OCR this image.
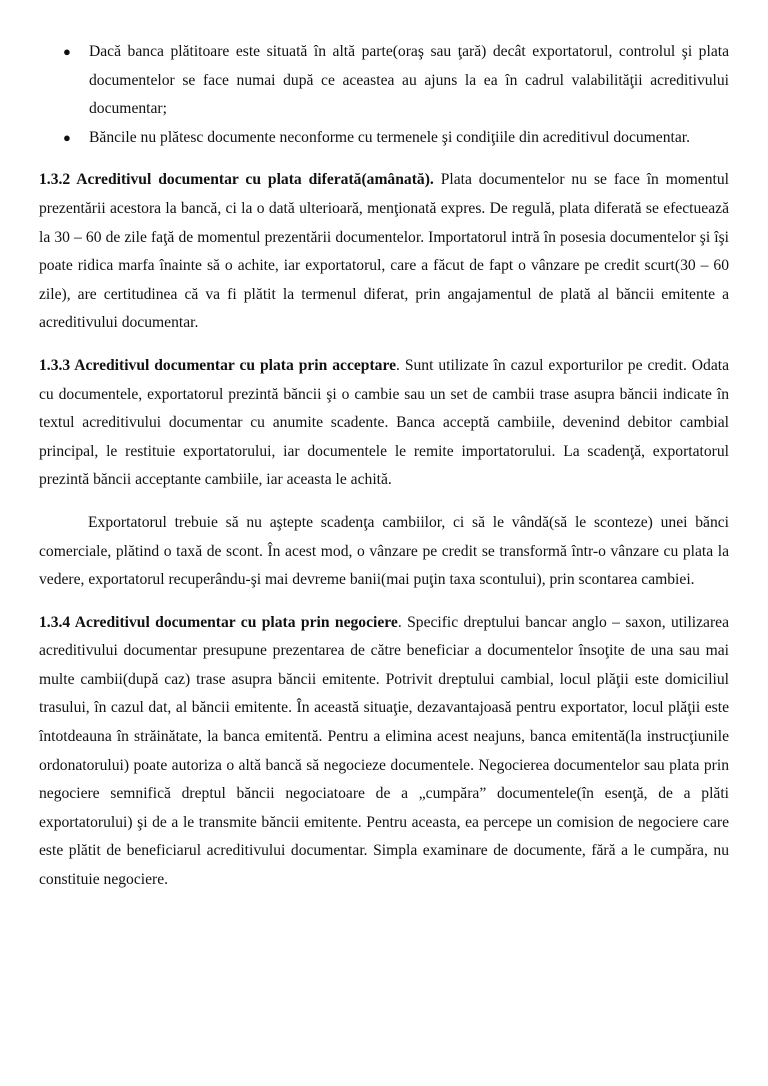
● Dacă banca plătitoare este situată în altă parte(oraş sau ţară) decât exportatorul, controlul şi plata documentelor se face numai după ce aceastea au ajuns la ea în cadrul valabilităţii acreditivului documentar;
● Băncile nu plătesc documente neconforme cu termenele şi condiţiile din acreditivul documentar.

1.3.2 Acreditivul documentar cu plata diferată(amânată). Plata documentelor nu se face în momentul prezentării acestora la bancă, ci la o dată ulterioară, menţionată expres. De regulă, plata diferată se efectuează la 30 – 60 de zile faţă de momentul prezentării documentelor. Importatorul intră în posesia documentelor şi îşi poate ridica marfa înainte să o achite, iar exportatorul, care a făcut de fapt o vânzare pe credit scurt(30 – 60 zile), are certitudinea că va fi plătit la termenul diferat, prin angajamentul de plată al băncii emitente a acreditivului documentar.

1.3.3 Acreditivul documentar cu plata prin acceptare. Sunt utilizate în cazul exporturilor pe credit. Odata cu documentele, exportatorul prezintă băncii şi o cambie sau un set de cambii trase asupra băncii indicate în textul acreditivului documentar cu anumite scadente. Banca acceptă cambiile, devenind debitor cambial principal, le restituie exportatorului, iar documentele le remite importatorului. La scadenţă, exportatorul prezintă băncii acceptante cambiile, iar aceasta le achită.

Exportatorul trebuie să nu aştepte scadenţa cambiilor, ci să le vândă(să le sconteze) unei bănci comerciale, plătind o taxă de scont. În acest mod, o vânzare pe credit se transformă într-o vânzare cu plata la vedere, exportatorul recuperându-şi mai devreme banii(mai puţin taxa scontului), prin scontarea cambiei.

1.3.4 Acreditivul documentar cu plata prin negociere. Specific dreptului bancar anglo – saxon, utilizarea acreditivului documentar presupune prezentarea de către beneficiar a documentelor însoţite de una sau mai multe cambii(după caz) trase asupra băncii emitente. Potrivit dreptului cambial, locul plăţii este domiciliul trasului, în cazul dat, al băncii emitente. În această situaţie, dezavantajoasă pentru exportator, locul plăţii este întotdeauna în străinătate, la banca emitentă. Pentru a elimina acest neajuns, banca emitentă(la instrucţiunile ordonatorului) poate autoriza o altă bancă să negocieze documentele. Negocierea documentelor sau plata prin negociere semnifică dreptul băncii negociatoare de a „cumpăra” documentele(în esenţă, de a plăti exportatorului) şi de a le transmite băncii emitente. Pentru aceasta, ea percepe un comision de negociere care este plătit de beneficiarul acreditivului documentar. Simpla examinare de documente, fără a le cumpăra, nu constituie negociere.
